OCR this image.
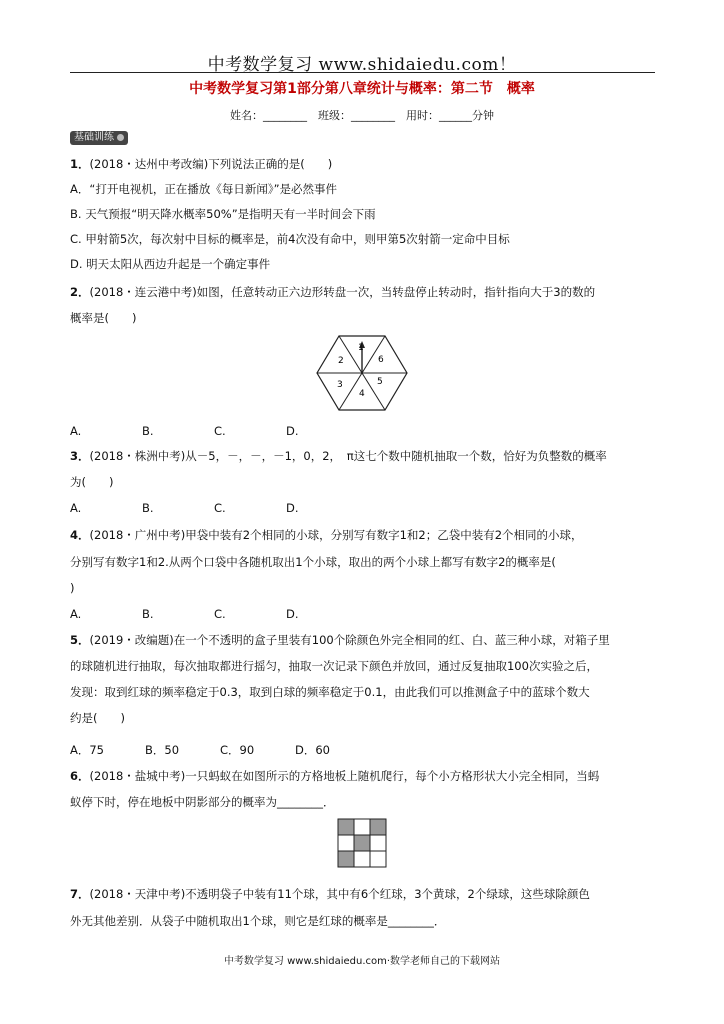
中考数学复习 www.shidaiedu.com！
中考数学复习第1部分第八章统计与概率：第二节　概率
姓名：________　班级：________　用时：______分钟
基础训练
1．(2018・达州中考改编)下列说法正确的是(　　)
A．“打开电视机，正在播放《每日新闻》”是必然事件
B. 天气预报“明天降水概率50%”是指明天有一半时间会下雨
C. 甲射箭5次，每次射中目标的概率是，前4次没有命中，则甲第5次射箭一定命中目标
D. 明天太阳从西边升起是一个确定事件
2．(2018・连云港中考)如图，任意转动正六边形转盘一次，当转盘停止转动时，指针指向大于3的数的
概率是(　　)
1
2
3
4
5
6
A.	B.	C.	D.
3．(2018・株洲中考)从－5，－，－，－1，0，2，　π这七个数中随机抽取一个数，恰好为负整数的概率
为(　　)
A.	B.	C.	D.
4．(2018・广州中考)甲袋中装有2个相同的小球，分别写有数字1和2；乙袋中装有2个相同的小球，
分别写有数字1和2.从两个口袋中各随机取出1个小球，取出的两个小球上都写有数字2的概率是(
)
A.	B.	C.	D.
5．(2019・改编题)在一个不透明的盒子里装有100个除颜色外完全相同的红、白、蓝三种小球，对箱子里
的球随机进行抽取，每次抽取都进行摇匀，抽取一次记录下颜色并放回，通过反复抽取100次实验之后，
发现：取到红球的频率稳定于0.3，取到白球的频率稳定于0.1，由此我们可以推测盒子中的蓝球个数大
约是(　　)
A．75	B．50	C．90	D．60
6．(2018・盐城中考)一只蚂蚁在如图所示的方格地板上随机爬行，每个小方格形状大小完全相同，当蚂
蚁停下时，停在地板中阴影部分的概率为________．
7．(2018・天津中考)不透明袋子中装有11个球，其中有6个红球，3个黄球，2个绿球，这些球除颜色
外无其他差别．从袋子中随机取出1个球，则它是红球的概率是________．
中考数学复习 www.shidaiedu.com·数学老师自己的下载网站
